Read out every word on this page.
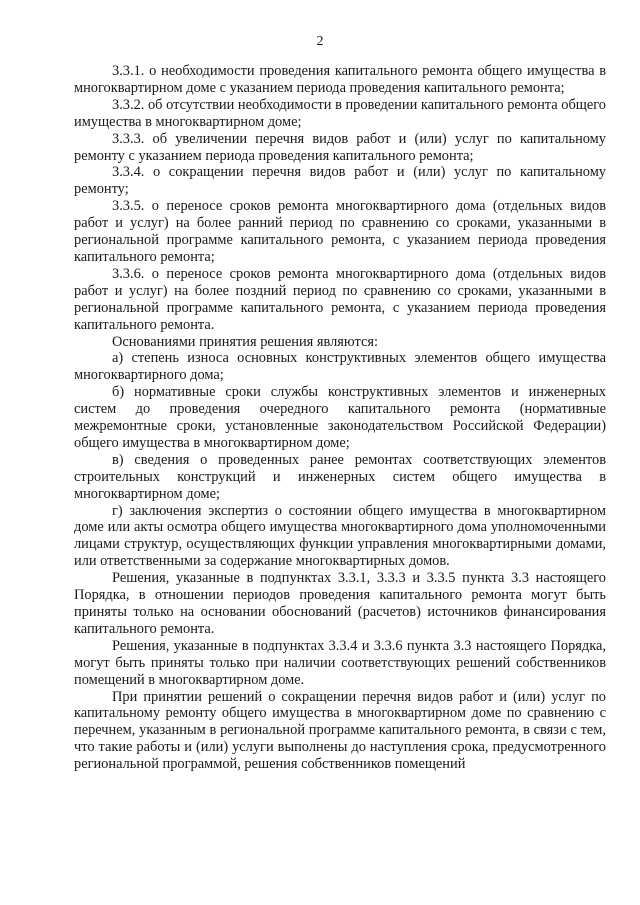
2

3.3.1. о необходимости проведения капитального ремонта общего имущества в многоквартирном доме с указанием периода проведения капитального ремонта;

3.3.2. об отсутствии необходимости в проведении капитального ремонта общего имущества в многоквартирном доме;

3.3.3. об увеличении перечня видов работ и (или) услуг по капитальному ремонту с указанием периода проведения капитального ремонта;

3.3.4. о сокращении перечня видов работ и (или) услуг по капитальному ремонту;

3.3.5. о переносе сроков ремонта многоквартирного дома (отдельных видов работ и услуг) на более ранний период по сравнению со сроками, указанными в региональной программе капитального ремонта, с указанием периода проведения капитального ремонта;

3.3.6. о переносе сроков ремонта многоквартирного дома (отдельных видов работ и услуг) на более поздний период по сравнению со сроками, указанными в региональной программе капитального ремонта, с указанием периода проведения капитального ремонта.

Основаниями принятия решения являются:

а) степень износа основных конструктивных элементов общего имущества многоквартирного дома;

б) нормативные сроки службы конструктивных элементов и инженерных систем до проведения очередного капитального ремонта (нормативные межремонтные сроки, установленные законодательством Российской Федерации) общего имущества в многоквартирном доме;

в) сведения о проведенных ранее ремонтах соответствующих элементов строительных конструкций и инженерных систем общего имущества в многоквартирном доме;

г) заключения экспертиз о состоянии общего имущества в многоквартирном доме или акты осмотра общего имущества многоквартирного дома уполномоченными лицами структур, осуществляющих функции управления многоквартирными домами, или ответственными за содержание многоквартирных домов.

Решения, указанные в подпунктах 3.3.1, 3.3.3 и 3.3.5 пункта 3.3 настоящего Порядка, в отношении периодов проведения капитального ремонта могут быть приняты только на основании обоснований (расчетов) источников финансирования капитального ремонта.

Решения, указанные в подпунктах 3.3.4 и 3.3.6 пункта 3.3 настоящего Порядка, могут быть приняты только при наличии соответствующих решений собственников помещений в многоквартирном доме.

При принятии решений о сокращении перечня видов работ и (или) услуг по капитальному ремонту общего имущества в многоквартирном доме по сравнению с перечнем, указанным в региональной программе капитального ремонта, в связи с тем, что такие работы и (или) услуги выполнены до наступления срока, предусмотренного региональной программой, решения собственников помещений
